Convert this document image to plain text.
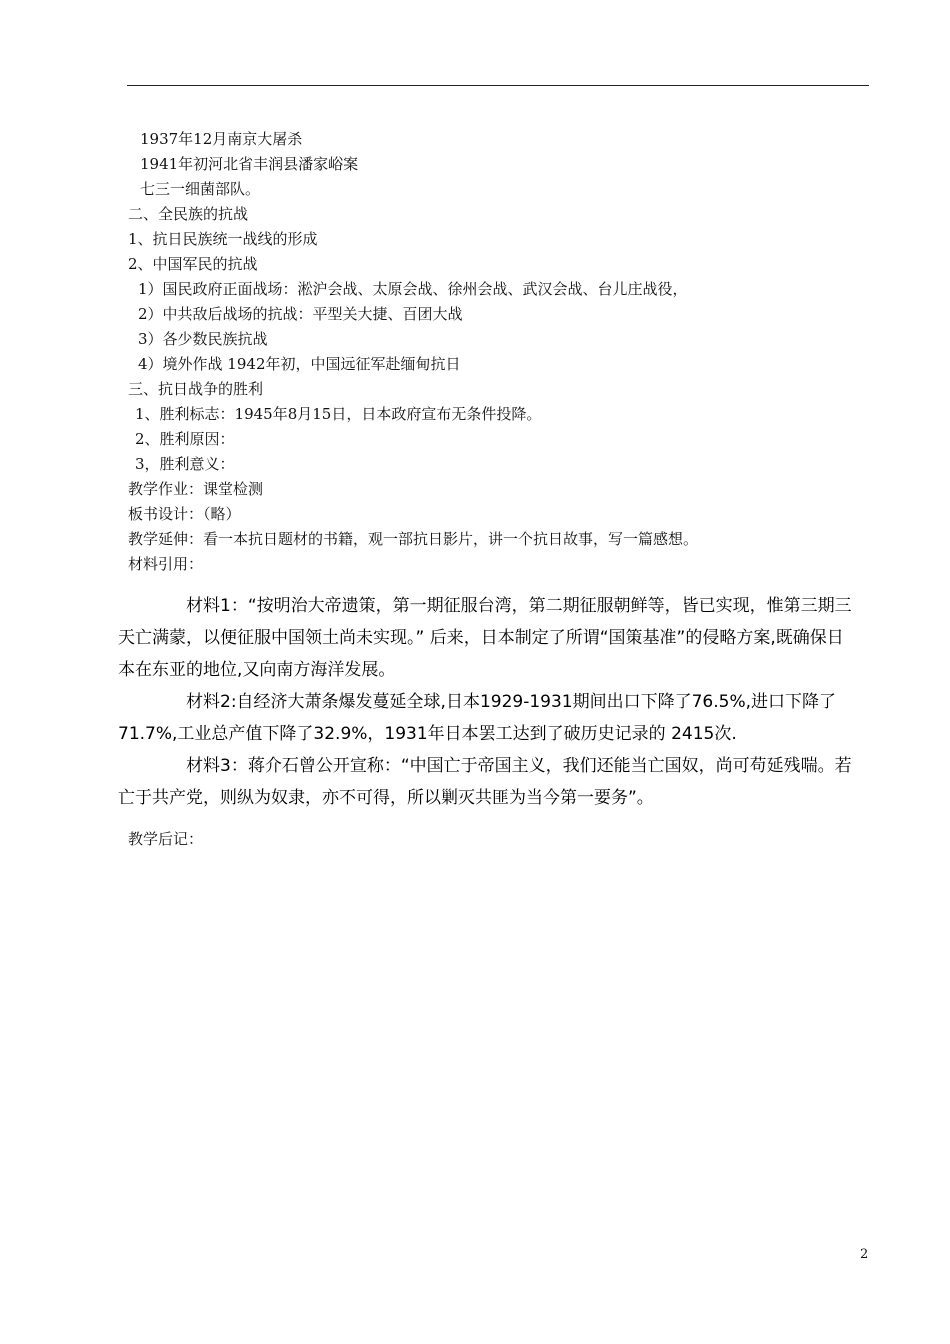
1937年12月南京大屠杀
1941年初河北省丰润县潘家峪案
七三一细菌部队。
二、全民族的抗战
1、抗日民族统一战线的形成
2、中国军民的抗战
1）国民政府正面战场：淞沪会战、太原会战、徐州会战、武汉会战、台儿庄战役，
2）中共敌后战场的抗战：平型关大捷、百团大战
3）各少数民族抗战
4）境外作战 1942年初，中国远征军赴缅甸抗日
三、抗日战争的胜利
1、胜利标志：1945年8月15日，日本政府宣布无条件投降。
2、胜利原因：
3，胜利意义：
教学作业：课堂检测
板书设计：（略）
教学延伸：看一本抗日题材的书籍，观一部抗日影片，讲一个抗日故事，写一篇感想。
材料引用：

材料1：“按明治大帝遗策，第一期征服台湾，第二期征服朝鲜等，皆已实现，惟第三期三天亡满蒙，以便征服中国领土尚未实现。” 后来，日本制定了所谓“国策基准”的侵略方案,既确保日本在东亚的地位,又向南方海洋发展。

材料2:自经济大萧条爆发蔓延全球,日本1929-1931期间出口下降了76.5%,进口下降了71.7%,工业总产值下降了32.9%，1931年日本罢工达到了破历史记录的 2415次.

材料3：蒋介石曾公开宣称：“中国亡于帝国主义，我们还能当亡国奴，尚可苟延残喘。若亡于共产党，则纵为奴隶，亦不可得，所以剿灭共匪为当今第一要务”。

教学后记：
2
